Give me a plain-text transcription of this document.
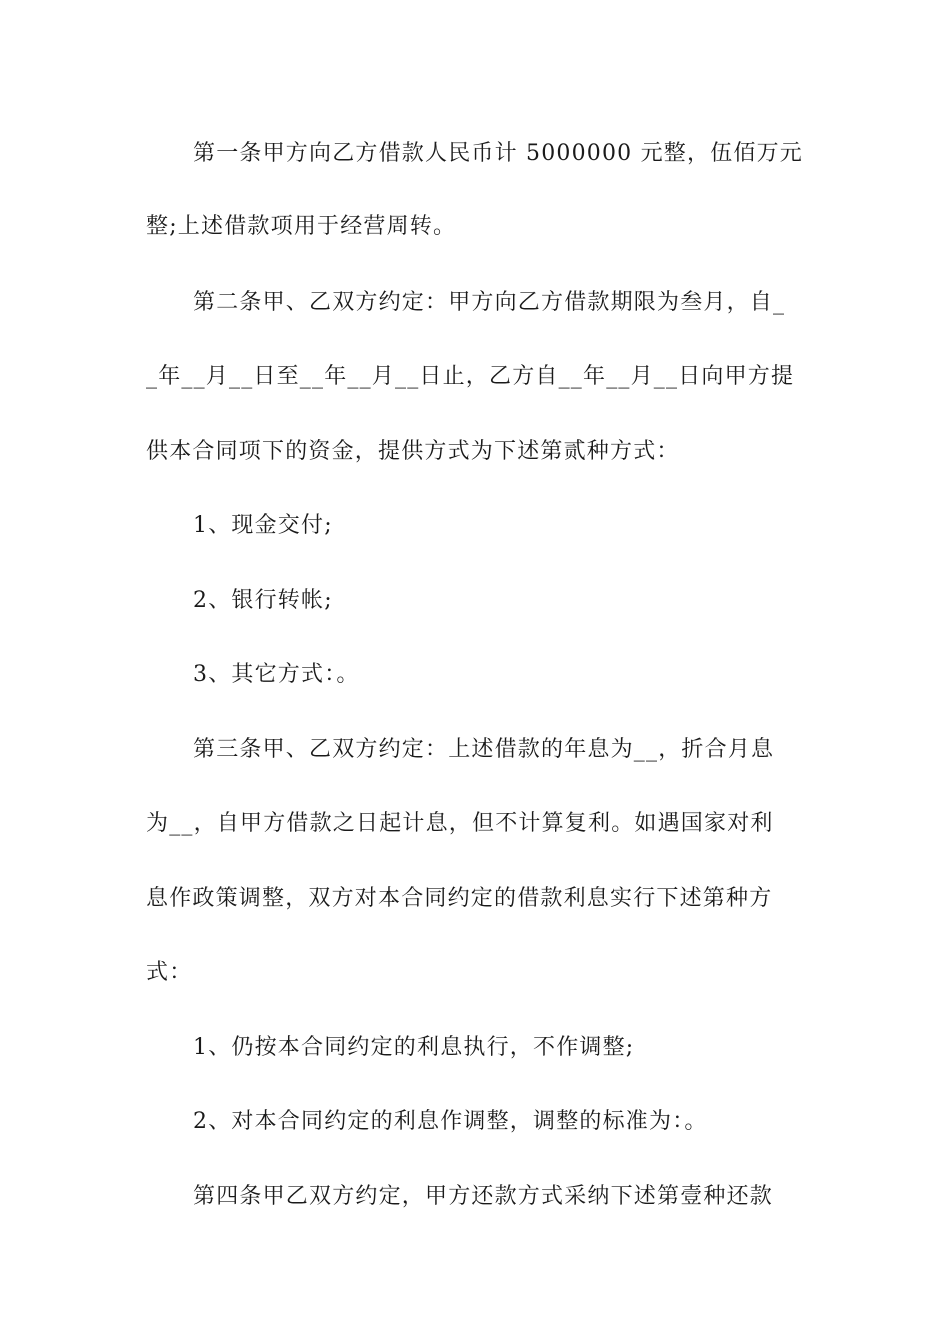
第一条甲方向乙方借款人民币计 5000000 元整，伍佰万元
整;上述借款项用于经营周转。
第二条甲、乙双方约定：甲方向乙方借款期限为叁月，自_
_年__月__日至__年__月__日止，乙方自__年__月__日向甲方提
供本合同项下的资金，提供方式为下述第贰种方式：
1、现金交付;
2、银行转帐;
3、其它方式：。
第三条甲、乙双方约定：上述借款的年息为__，折合月息
为__，自甲方借款之日起计息，但不计算复利。如遇国家对利
息作政策调整，双方对本合同约定的借款利息实行下述第种方
式：
1、仍按本合同约定的利息执行，不作调整;
2、对本合同约定的利息作调整，调整的标准为：。
第四条甲乙双方约定，甲方还款方式采纳下述第壹种还款
